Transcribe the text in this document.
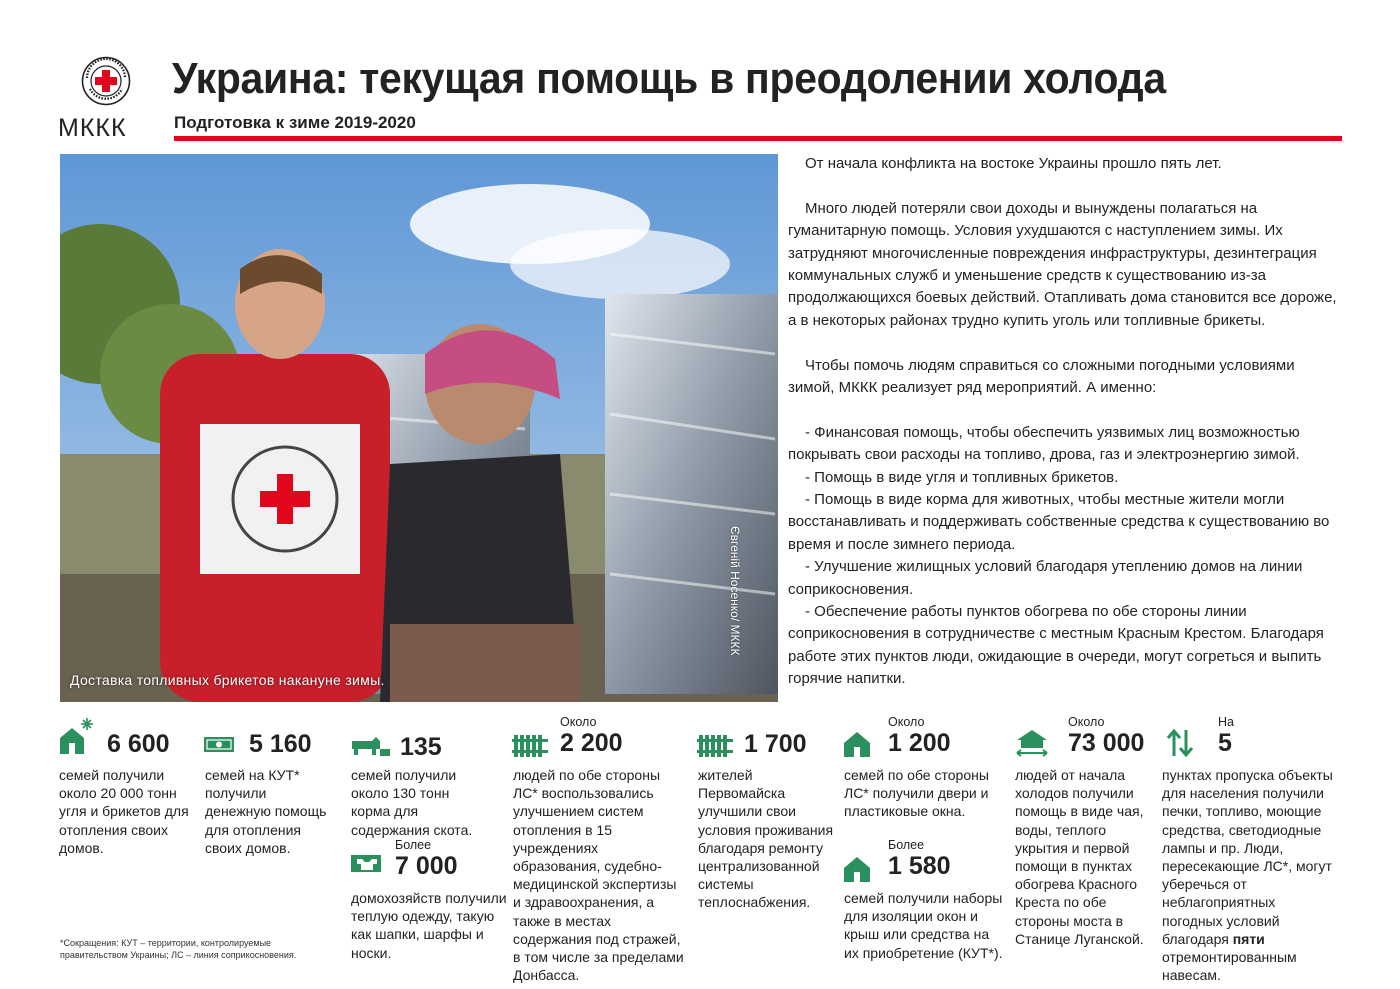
МККК
Украина: текущая помощь в преодолении холода
Подготовка к зиме 2019-2020
Доставка топливных брикетов накануне зимы.
Євгеній Носенко/ МККК

От начала конфликта на востоке Украины прошло пять лет.

Много людей потеряли свои доходы и вынуждены полагаться на гуманитарную помощь. Условия ухудшаются с наступлением зимы. Их затрудняют многочисленные повреждения инфраструктуры, дезинтеграция коммунальных служб и уменьшение средств к существованию из-за продолжающихся боевых действий. Отапливать дома становится все дороже, а в некоторых районах трудно купить уголь или топливные брикеты.

Чтобы помочь людям справиться со сложными погодными условиями зимой, МККК реализует ряд мероприятий. А именно:

- Финансовая помощь, чтобы обеспечить уязвимых лиц возможностью покрывать свои расходы на топливо, дрова, газ и электроэнергию зимой.

- Помощь в виде угля и топливных брикетов.

- Помощь в виде корма для животных, чтобы местные жители могли восстанавливать и поддерживать собственные средства к существованию во время и после зимнего периода.

- Улучшение жилищных условий благодаря утеплению домов на линии соприкосновения.

- Обеспечение работы пунктов обогрева по обе стороны линии соприкосновения в сотрудничестве с местным Красным Крестом. Благодаря работе этих пунктов люди, ожидающие в очереди, могут согреться и выпить горячие напитки.

6 600
семей получили около 20 000 тонн угля и брикетов для отопления своих домов.
5 160
семей на КУТ* получили денежную помощь для отопления своих домов.
135
семей получили около 130 тонн корма для содержания скота.
Более
7 000
домохозяйств получили теплую одежду, такую как шапки, шарфы и носки.
Около
2 200
людей по обе стороны ЛС* воспользовались улучшением систем отопления в 15 учреждениях образования, судебно-медицинской экспертизы и здравоохранения, а также в местах содержания под стражей, в том числе за пределами Донбасса.
1 700
жителей Первомайска улучшили свои условия проживания благодаря ремонту централизованной системы теплоснабжения.
Около
1 200
семей по обе стороны ЛС* получили двери и пластиковые окна.
Более
1 580
семей получили наборы для изоляции окон и крыш или средства на их приобретение (КУТ*).
Около
73 000
людей от начала холодов получили помощь в виде чая, воды, теплого укрытия и первой помощи в пунктах обогрева Красного Креста по обе стороны моста в Станице Луганской.
На
5
пунктах пропуска объекты для населения получили печки, топливо, моющие средства, светодиодные лампы и пр. Люди, пересекающие ЛС*, могут уберечься от неблагоприятных погодных условий благодаря пяти отремонтированным навесам.
*Сокращения: КУТ – территории, контролируемые правительством Украины; ЛС – линия соприкосновения.
